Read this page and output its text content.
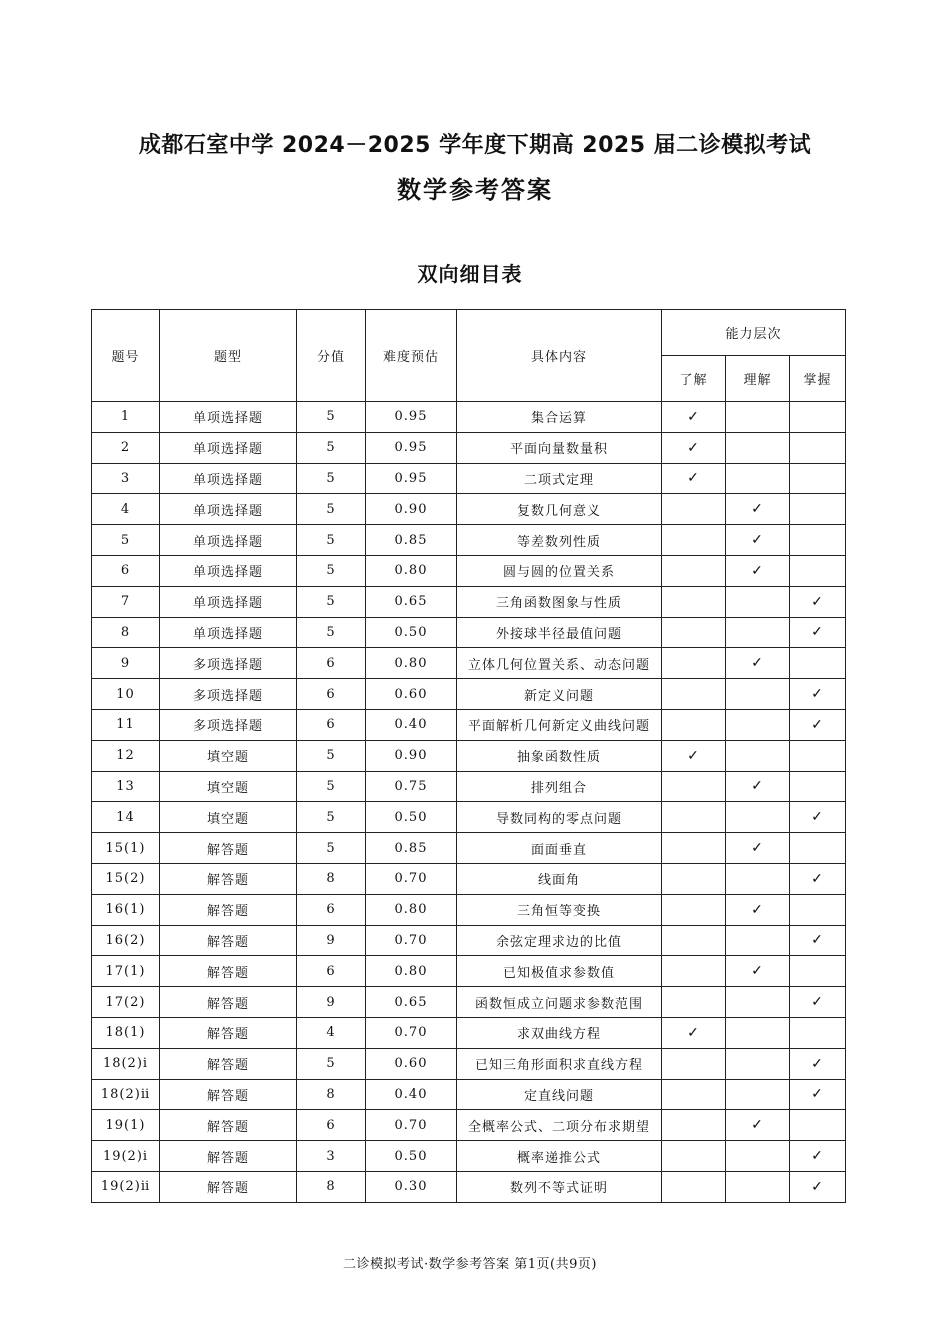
成都石室中学 2024－2025 学年度下期高 2025 届二诊模拟考试
数学参考答案
双向细目表
题号	题型	分值	难度预估	具体内容	能力层次		
					了解	理解	掌握
1	单项选择题	5	0.95	集合运算	✓		
2	单项选择题	5	0.95	平面向量数量积	✓		
3	单项选择题	5	0.95	二项式定理	✓		
4	单项选择题	5	0.90	复数几何意义		✓	
5	单项选择题	5	0.85	等差数列性质		✓	
6	单项选择题	5	0.80	圆与圆的位置关系		✓	
7	单项选择题	5	0.65	三角函数图象与性质			✓
8	单项选择题	5	0.50	外接球半径最值问题			✓
9	多项选择题	6	0.80	立体几何位置关系、动态问题		✓	
10	多项选择题	6	0.60	新定义问题			✓
11	多项选择题	6	0.40	平面解析几何新定义曲线问题			✓
12	填空题	5	0.90	抽象函数性质	✓		
13	填空题	5	0.75	排列组合		✓	
14	填空题	5	0.50	导数同构的零点问题			✓
15(1)	解答题	5	0.85	面面垂直		✓	
15(2)	解答题	8	0.70	线面角			✓
16(1)	解答题	6	0.80	三角恒等变换		✓	
16(2)	解答题	9	0.70	余弦定理求边的比值			✓
17(1)	解答题	6	0.80	已知极值求参数值		✓	
17(2)	解答题	9	0.65	函数恒成立问题求参数范围			✓
18(1)	解答题	4	0.70	求双曲线方程	✓		
18(2)ⅰ	解答题	5	0.60	已知三角形面积求直线方程			✓
18(2)ⅱ	解答题	8	0.40	定直线问题			✓
19(1)	解答题	6	0.70	全概率公式、二项分布求期望		✓	
19(2)ⅰ	解答题	3	0.50	概率递推公式			✓
19(2)ⅱ	解答题	8	0.30	数列不等式证明			✓
二诊模拟考试·数学参考答案 第1页(共9页)
